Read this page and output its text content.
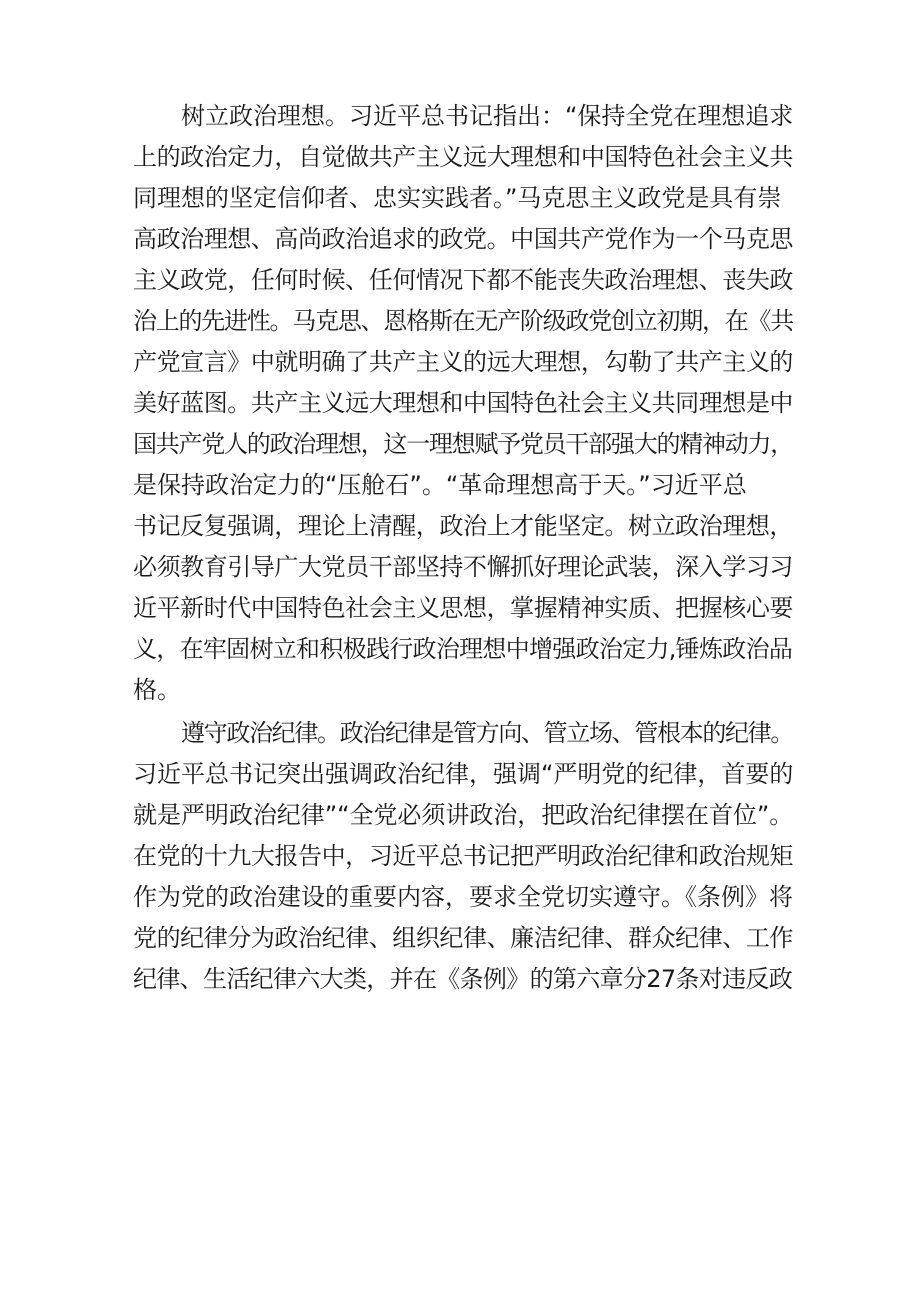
树立政治理想。习近平总书记指出：“保持全党在理想追求
上的政治定力，自觉做共产主义远大理想和中国特色社会主义共
同理想的坚定信仰者、忠实实践者。”马克思主义政党是具有崇
高政治理想、高尚政治追求的政党。中国共产党作为一个马克思
主义政党，任何时候、任何情况下都不能丧失政治理想、丧失政
治上的先进性。马克思、恩格斯在无产阶级政党创立初期，在《共
产党宣言》中就明确了共产主义的远大理想，勾勒了共产主义的
美好蓝图。共产主义远大理想和中国特色社会主义共同理想是中
国共产党人的政治理想，这一理想赋予党员干部强大的精神动力，
是保持政治定力的“压舱石”。“革命理想高于天。”习近平总
书记反复强调，理论上清醒，政治上才能坚定。树立政治理想，
必须教育引导广大党员干部坚持不懈抓好理论武装，深入学习习
近平新时代中国特色社会主义思想，掌握精神实质、把握核心要
义，在牢固树立和积极践行政治理想中增强政治定力,锤炼政治品
格。
遵守政治纪律。政治纪律是管方向、管立场、管根本的纪律。
习近平总书记突出强调政治纪律，强调“严明党的纪律，首要的
就是严明政治纪律”“全党必须讲政治，把政治纪律摆在首位”。
在党的十九大报告中，习近平总书记把严明政治纪律和政治规矩
作为党的政治建设的重要内容，要求全党切实遵守。《条例》将
党的纪律分为政治纪律、组织纪律、廉洁纪律、群众纪律、工作
纪律、生活纪律六大类，并在《条例》的第六章分27条对违反政
